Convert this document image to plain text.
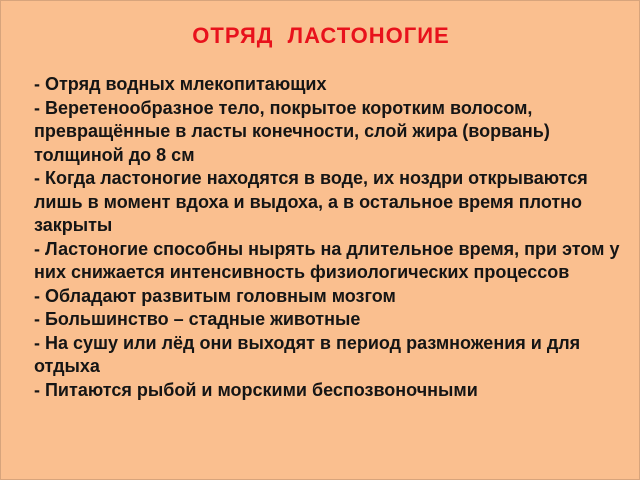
ОТРЯД  ЛАСТОНОГИЕ
- Отряд водных млекопитающих
- Веретенообразное тело, покрытое коротким волосом, превращённые в ласты конечности, слой жира (ворвань) толщиной до 8 см
- Когда ластоногие находятся в воде, их ноздри открываются лишь в момент вдоха и выдоха, а в остальное время плотно закрыты
- Ластоногие способны нырять на длительное время, при этом у них снижается интенсивность физиологических процессов
- Обладают развитым головным мозгом
- Большинство – стадные животные
- На сушу или лёд они выходят в период размножения и для отдыха
- Питаются рыбой и морскими беспозвоночными
